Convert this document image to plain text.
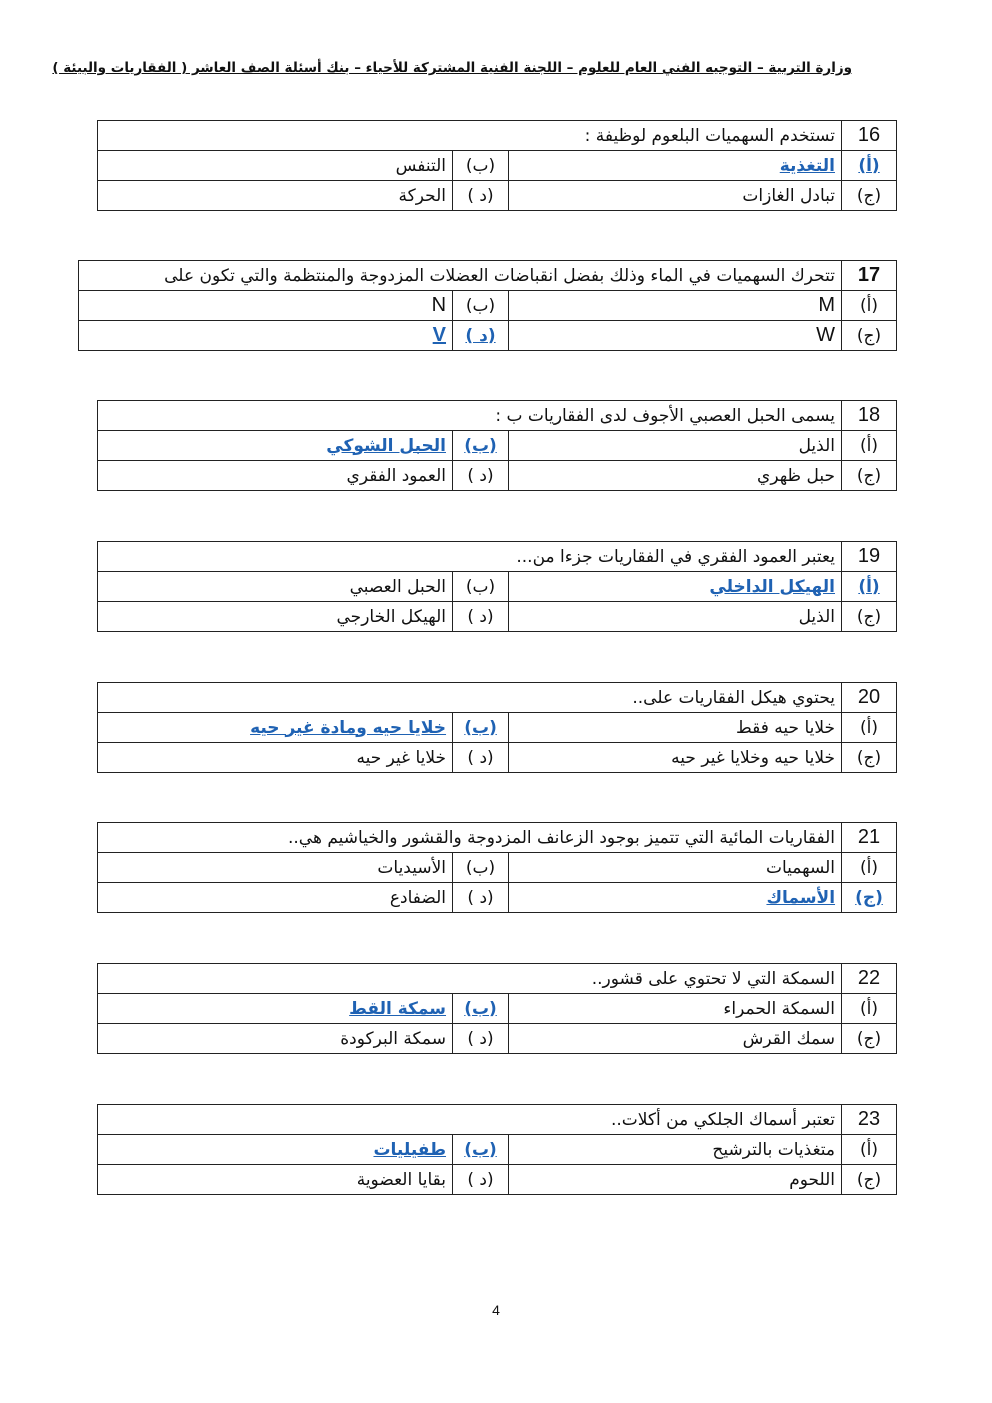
وزارة التربية – التوجيه الفني العام للعلوم – اللجنة الفنية المشتركة للأحياء – بنك أسئلة الصف العاشر ( الفقاريات والبيئة )
16	تستخدم السهميات البلعوم لوظيفة :		
(أ)	التغذية	(ب)	التنفس
(ج)	تبادل الغازات	(د )	الحركة
17	تتحرك السهميات في الماء وذلك بفضل انقباضات العضلات المزدوجة والمنتظمة والتي تكون على		
(أ)	M	(ب)	N
(ج)	W	(د )	V
18	يسمى الحبل العصبي الأجوف لدى الفقاريات ب :		
(أ)	الذيل	(ب)	الحبل الشوكي
(ج)	حبل ظهري	(د )	العمود الفقري
19	يعتبر العمود الفقري في الفقاريات جزءا من...		
(أ)	الهيكل الداخلي	(ب)	الحبل العصبي
(ج)	الذيل	(د )	الهيكل الخارجي
20	يحتوي هيكل الفقاريات على..		
(أ)	خلايا حيه فقط	(ب)	خلايا حيه ومادة غير حيه
(ج)	خلايا حيه وخلايا غير حيه	(د )	خلايا غير حيه
21	الفقاريات المائية التي تتميز بوجود الزعانف المزدوجة والقشور والخياشيم هي..		
(أ)	السهميات	(ب)	الأسيديات
(ج)	الأسماك	(د )	الضفادع
22	السمكة التي لا تحتوي على قشور..		
(أ)	السمكة الحمراء	(ب)	سمكة القط
(ج)	سمك القرش	(د )	سمكة البركودة
23	تعتبر أسماك الجلكي من أكلات..		
(أ)	متغذيات بالترشيح	(ب)	طفيليات
(ج)	اللحوم	(د )	بقايا العضوية
4
